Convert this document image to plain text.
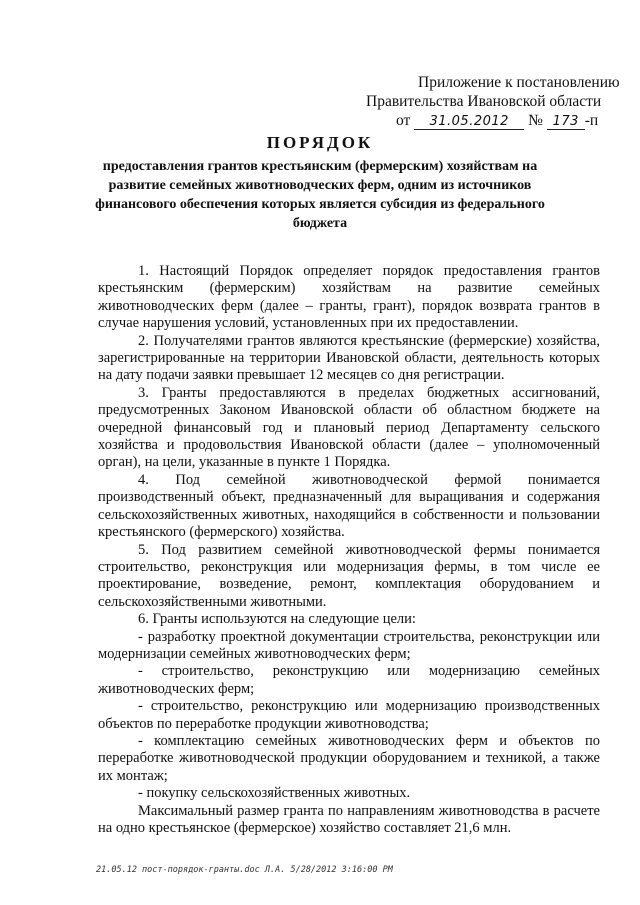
Приложение к постановлению
Правительства Ивановской области
от 31.05.2012 № 173 -п
ПОРЯДОК
предоставления грантов крестьянским (фермерским) хозяйствам на развитие семейных животноводческих ферм, одним из источников финансового обеспечения которых является субсидия из федерального бюджета

1. Настоящий Порядок определяет порядок предоставления грантов крестьянским (фермерским) хозяйствам на развитие семейных животноводческих ферм (далее – гранты, грант), порядок возврата грантов в случае нарушения условий, установленных при их предоставлении.

2. Получателями грантов являются крестьянские (фермерские) хозяйства, зарегистрированные на территории Ивановской области, деятельность которых на дату подачи заявки превышает 12 месяцев со дня регистрации.

3. Гранты предоставляются в пределах бюджетных ассигнований, предусмотренных Законом Ивановской области об областном бюджете на очередной финансовый год и плановый период Департаменту сельского хозяйства и продовольствия Ивановской области (далее – уполномоченный орган), на цели, указанные в пункте 1 Порядка.

4. Под семейной животноводческой фермой понимается производственный объект, предназначенный для выращивания и содержания сельскохозяйственных животных, находящийся в собственности и пользовании крестьянского (фермерского) хозяйства.

5. Под развитием семейной животноводческой фермы понимается строительство, реконструкция или модернизация фермы, в том числе ее проектирование, возведение, ремонт, комплектация оборудованием и сельскохозяйственными животными.

6. Гранты используются на следующие цели:

- разработку проектной документации строительства, реконструкции или модернизации семейных животноводческих ферм;

- строительство, реконструкцию или модернизацию семейных животноводческих ферм;

- строительство, реконструкцию или модернизацию производственных объектов по переработке продукции животноводства;

- комплектацию семейных животноводческих ферм и объектов по переработке животноводческой продукции оборудованием и техникой, а также их монтаж;

- покупку сельскохозяйственных животных.

Максимальный размер гранта по направлениям животноводства в расчете на одно крестьянское (фермерское) хозяйство составляет 21,6 млн.

21.05.12 пост-порядок-гранты.doc Л.А. 5/28/2012 3:16:00 PM
